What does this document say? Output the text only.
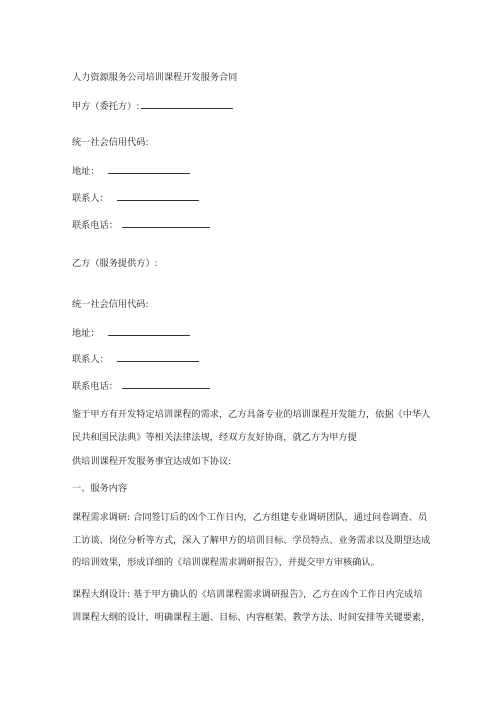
人力资源服务公司培训课程开发服务合同
甲方（委托方）:
统一社会信用代码:
地址：
联系人：
联系电话：
乙方（服务提供方）:
统一社会信用代码:
地址：
联系人：
联系电话：
鉴于甲方有开发特定培训课程的需求，乙方具备专业的培训课程开发能力，依据《中华人
民共和国民法典》等相关法律法规，经双方友好协商，就乙方为甲方提
供培训课程开发服务事宜达成如下协议:
一、服务内容
课程需求调研: 合同签订后的凶个工作日内，乙方组建专业调研团队，通过问卷调查、员
工访谈、岗位分析等方式，深入了解甲方的培训目标、学员特点、业务需求以及期望达成
的培训效果，形成详细的《培训课程需求调研报告》，并提交甲方审核确认。
课程大纲设计: 基于甲方确认的《培训课程需求调研报告》，乙方在凶个工作日内完成培
训课程大纲的设计，明确课程主题、目标、内容框架、教学方法、时间安排等关键要素，
